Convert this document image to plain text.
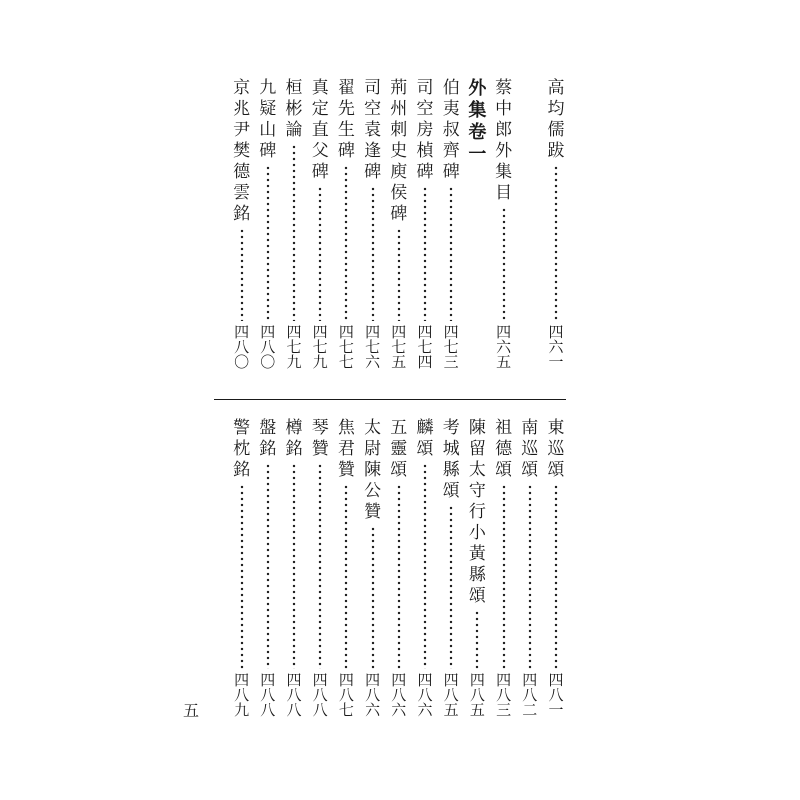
高
均
儒
跋
四
六
一
蔡
中
郎
外
集
目
四
六
五
外
集
卷
一
伯
夷
叔
齊
碑
四
七
三
司
空
房
楨
碑
四
七
四
荊
州
刺
史
庾
侯
碑
四
七
五
司
空
袁
逢
碑
四
七
六
翟
先
生
碑
四
七
七
真
定
直
父
碑
四
七
九
桓
彬
論
四
七
九
九
疑
山
碑
四
八
〇
京
兆
尹
樊
德
雲
銘
四
八
〇
東
巡
頌
四
八
一
南
巡
頌
四
八
二
祖
德
頌
四
八
三
陳
留
太
守
行
小
黃
縣
頌
四
八
五
考
城
縣
頌
四
八
五
麟
頌
四
八
六
五
靈
頌
四
八
六
太
尉
陳
公
贊
四
八
六
焦
君
贊
四
八
七
琴
贊
四
八
八
樽
銘
四
八
八
盤
銘
四
八
八
警
枕
銘
四
八
九
五
